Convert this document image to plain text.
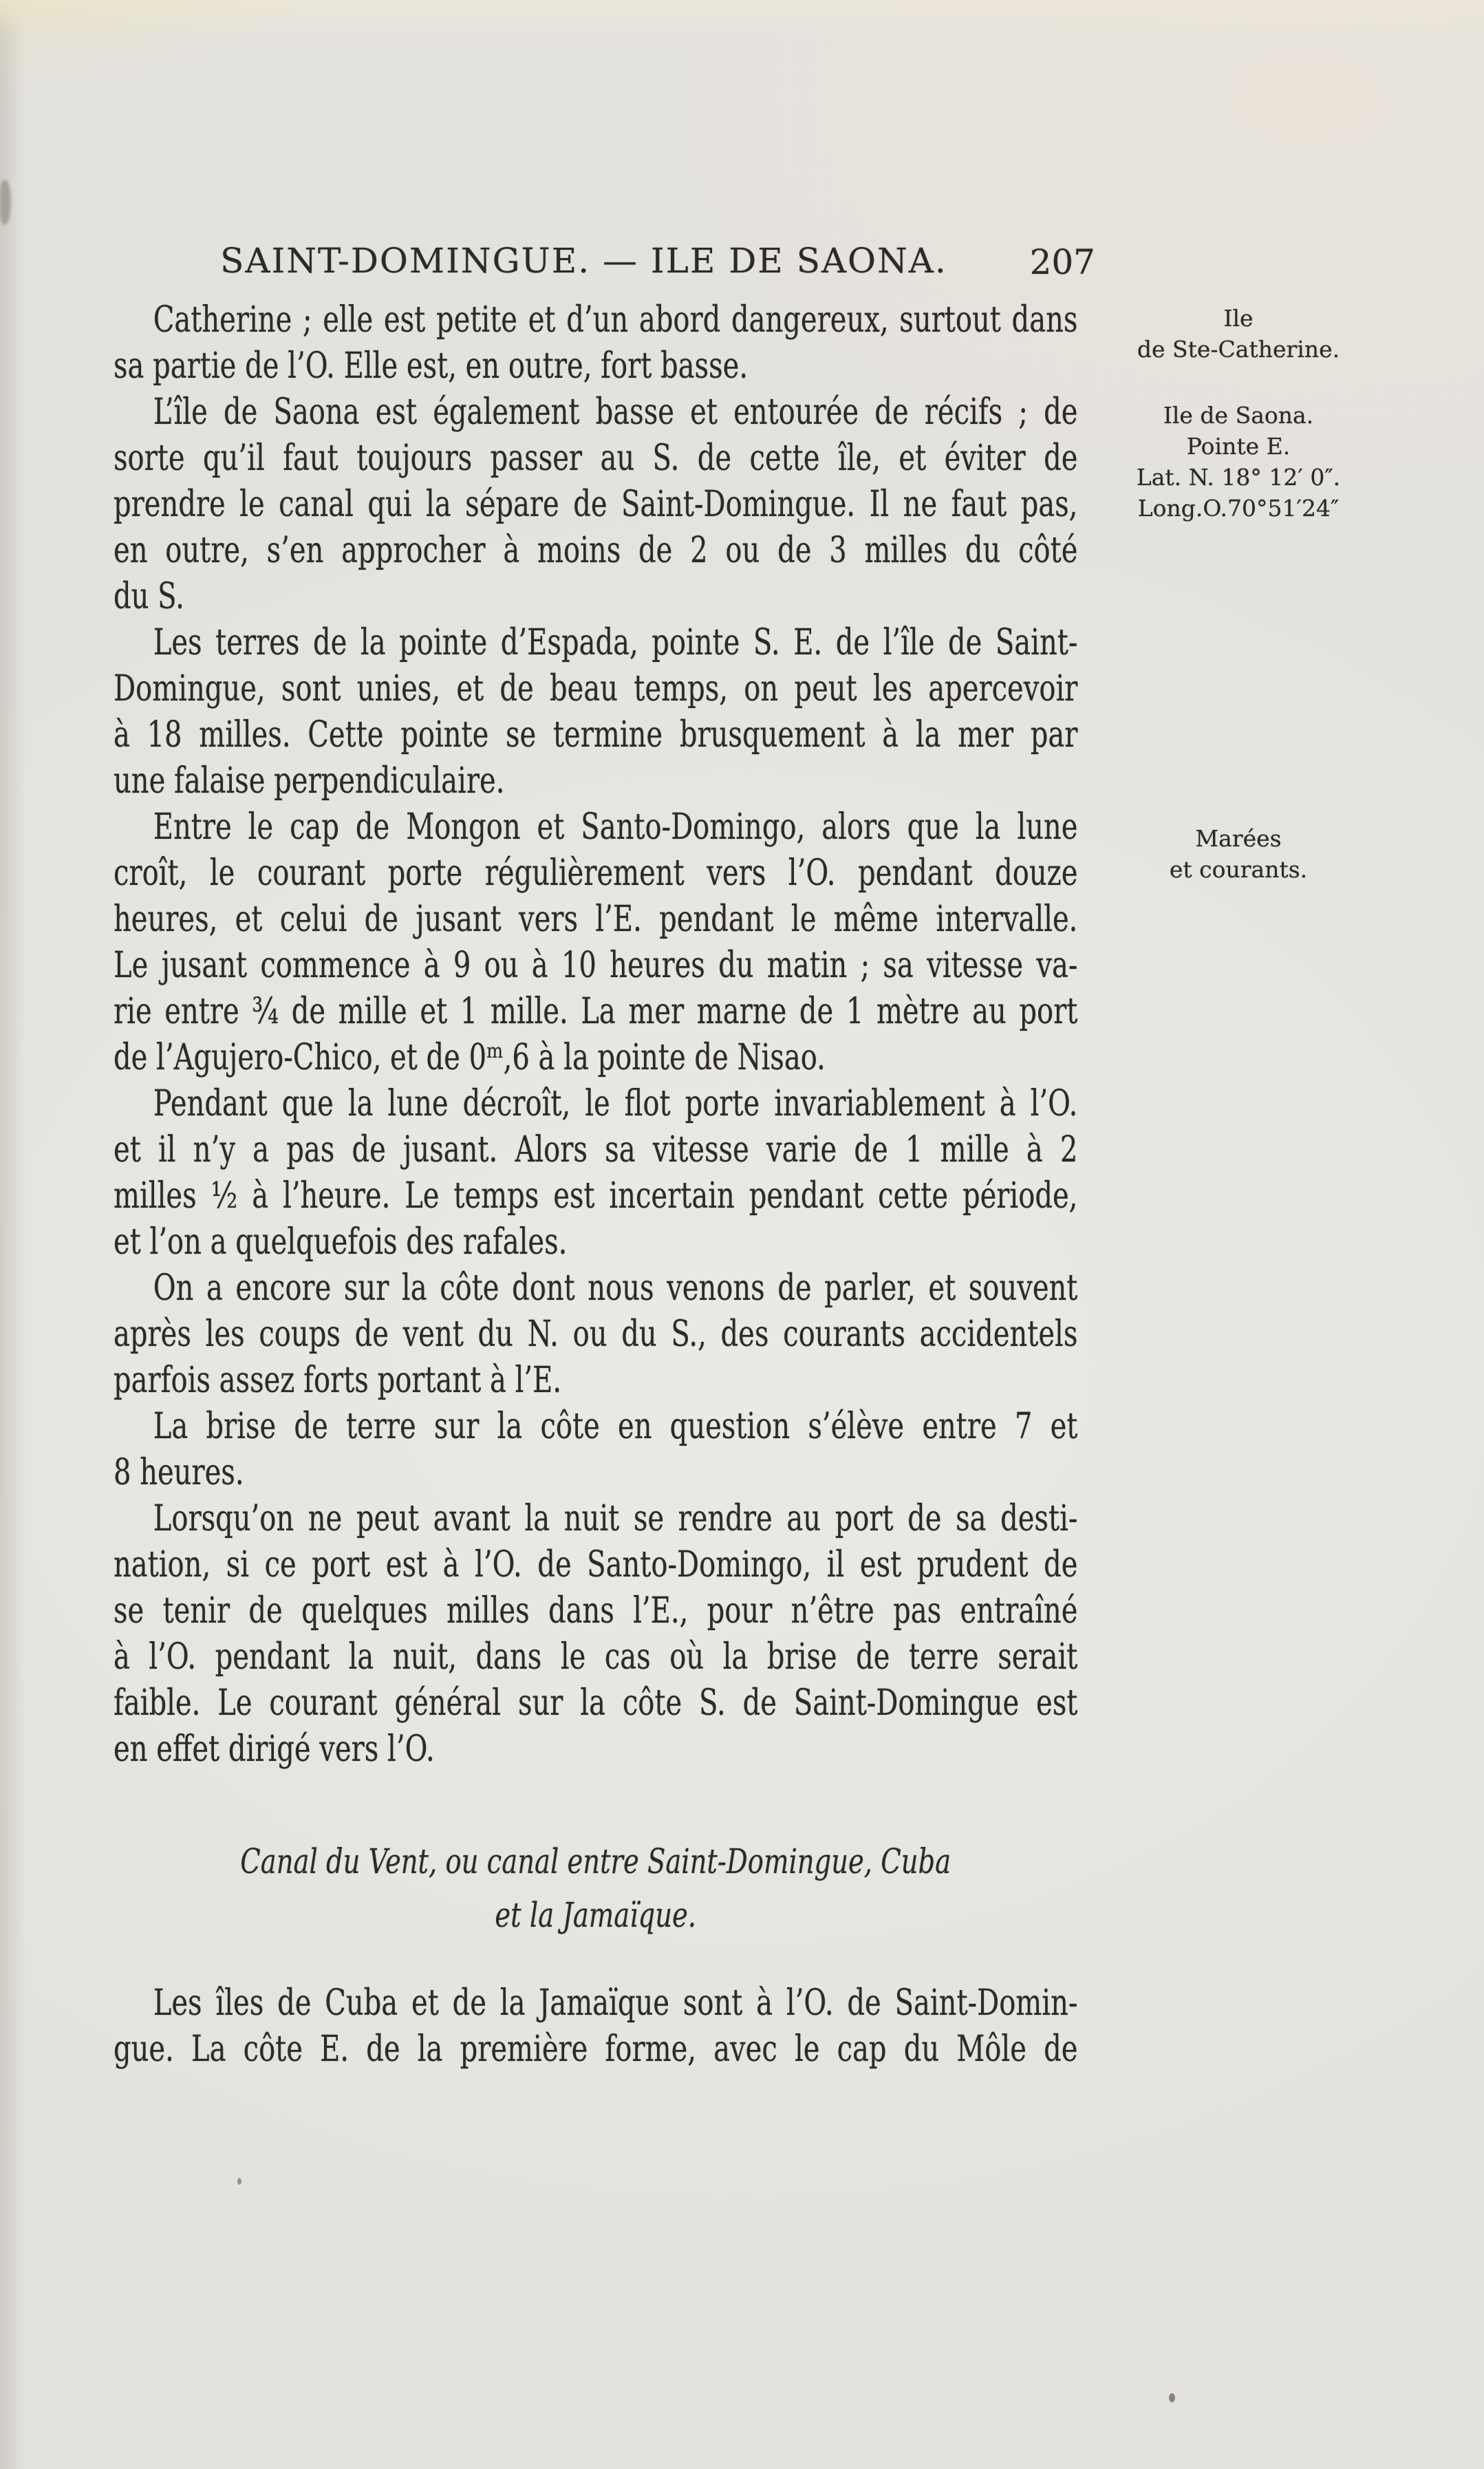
SAINT-DOMINGUE. — ILE DE SAONA.	207
Catherine ; elle est petite et d’un abord dangereux, surtout dans
sa partie de l’O. Elle est, en outre, fort basse.
L’île de Saona est également basse et entourée de récifs ; de
sorte qu’il faut toujours passer au S. de cette île, et éviter de
prendre le canal qui la sépare de Saint-Domingue. Il ne faut pas,
en outre, s’en approcher à moins de 2 ou de 3 milles du côté
du S.
Les terres de la pointe d’Espada, pointe S. E. de l’île de Saint-
Domingue, sont unies, et de beau temps, on peut les apercevoir
à 18 milles. Cette pointe se termine brusquement à la mer par
une falaise perpendiculaire.
Entre le cap de Mongon et Santo-Domingo, alors que la lune
croît, le courant porte régulièrement vers l’O. pendant douze
heures, et celui de jusant vers l’E. pendant le même intervalle.
Le jusant commence à 9 ou à 10 heures du matin ; sa vitesse va-
rie entre ¾ de mille et 1 mille. La mer marne de 1 mètre au port
de l’Agujero-Chico, et de 0ᵐ,6 à la pointe de Nisao.
Pendant que la lune décroît, le flot porte invariablement à l’O.
et il n’y a pas de jusant. Alors sa vitesse varie de 1 mille à 2
milles ½ à l’heure. Le temps est incertain pendant cette période,
et l’on a quelquefois des rafales.
On a encore sur la côte dont nous venons de parler, et souvent
après les coups de vent du N. ou du S., des courants accidentels
parfois assez forts portant à l’E.
La brise de terre sur la côte en question s’élève entre 7 et
8 heures.
Lorsqu’on ne peut avant la nuit se rendre au port de sa desti-
nation, si ce port est à l’O. de Santo-Domingo, il est prudent de
se tenir de quelques milles dans l’E., pour n’être pas entraîné
à l’O. pendant la nuit, dans le cas où la brise de terre serait
faible. Le courant général sur la côte S. de Saint-Domingue est
en effet dirigé vers l’O.
Canal du Vent, ou canal entre Saint-Domingue, Cuba
et la Jamaïque.
Les îles de Cuba et de la Jamaïque sont à l’O. de Saint-Domin-
gue. La côte E. de la première forme, avec le cap du Môle de
Ile
de Ste-Catherine.
Ile de Saona.
Pointe E.
Lat. N. 18° 12′ 0″.
Long.O.70°51′24″
Marées
et courants.
